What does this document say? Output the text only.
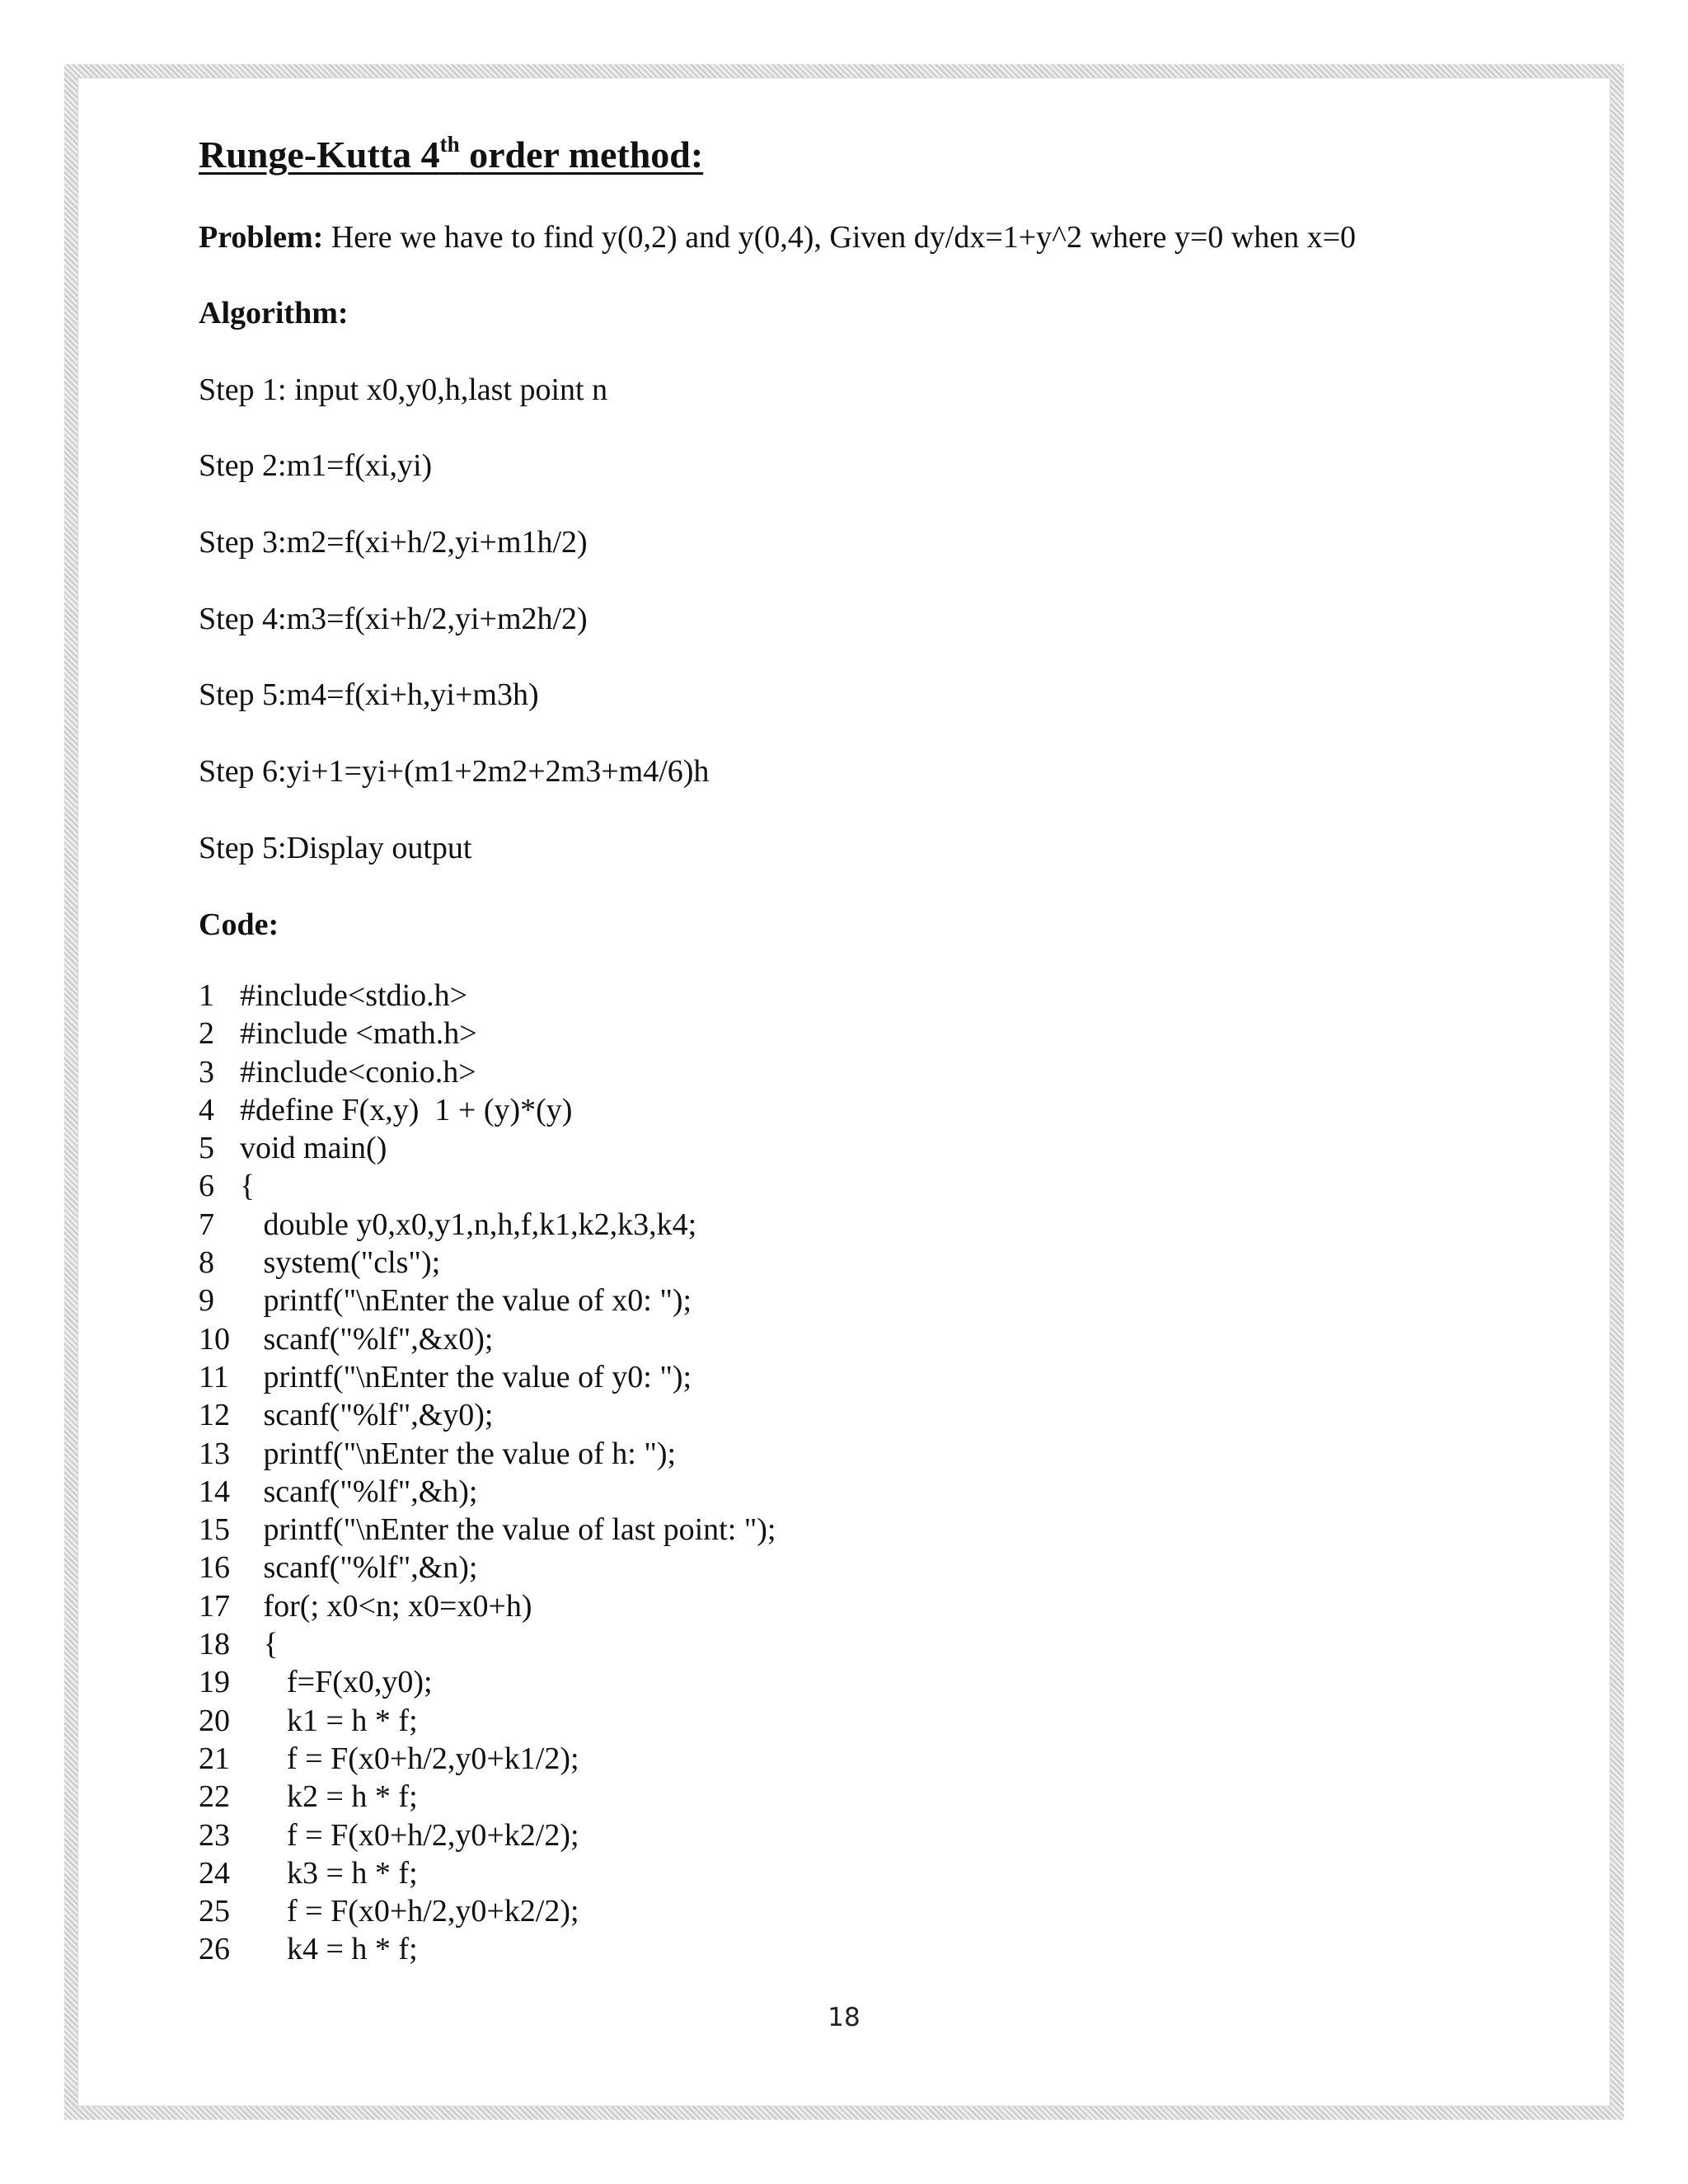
Runge-Kutta 4th order method:

Problem: Here we have to find y(0,2) and y(0,4), Given dy/dx=1+y^2 where y=0 when x=0

Algorithm:

Step 1: input x0,y0,h,last point n

Step 2:m1=f(xi,yi)

Step 3:m2=f(xi+h/2,yi+m1h/2)

Step 4:m3=f(xi+h/2,yi+m2h/2)

Step 5:m4=f(xi+h,yi+m3h)

Step 6:yi+1=yi+(m1+2m2+2m3+m4/6)h

Step 5:Display output

Code:

1 #include<stdio.h>
2 #include <math.h>
3 #include<conio.h>
4 #define F(x,y)  1 + (y)*(y)
5 void main()
6 {
7   double y0,x0,y1,n,h,f,k1,k2,k3,k4;
8   system("cls");
9   printf("\nEnter the value of x0: ");
10   scanf("%lf",&x0);
11   printf("\nEnter the value of y0: ");
12   scanf("%lf",&y0);
13   printf("\nEnter the value of h: ");
14   scanf("%lf",&h);
15   printf("\nEnter the value of last point: ");
16   scanf("%lf",&n);
17   for(; x0<n; x0=x0+h)
18   {
19      f=F(x0,y0);
20      k1 = h * f;
21      f = F(x0+h/2,y0+k1/2);
22      k2 = h * f;
23      f = F(x0+h/2,y0+k2/2);
24      k3 = h * f;
25      f = F(x0+h/2,y0+k2/2);
26      k4 = h * f;
18
